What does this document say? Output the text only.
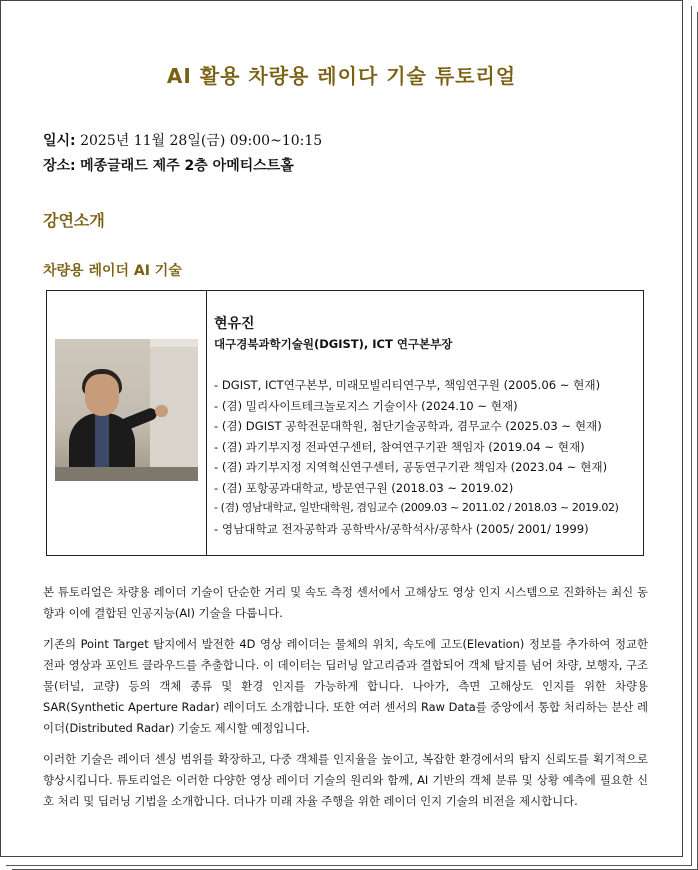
AI 활용 차량용 레이다 기술 튜토리얼
일시: 2025년 11월 28일(금) 09:00~10:15
장소: 메종글래드 제주 2층 아메티스트홀
강연소개
차량용 레이더 AI 기술
현유진
대구경북과학기술원(DGIST), ICT 연구본부장
- DGIST, ICT연구본부, 미래모빌리티연구부, 책임연구원 (2005.06 ~ 현재)
- (겸) 밀리사이트테크놀로지스 기술이사 (2024.10 ~ 현재)
- (겸) DGIST 공학전문대학원, 첨단기술공학과, 겸무교수 (2025.03 ~ 현재)
- (겸) 과기부지정 전파연구센터, 참여연구기관 책임자 (2019.04 ~ 현재)
- (겸) 과기부지정 지역혁신연구센터, 공동연구기관 책임자 (2023.04 ~ 현재)
- (겸) 포항공과대학교, 방문연구원 (2018.03 ~ 2019.02)
- (겸) 영남대학교, 일반대학원, 겸임교수 (2009.03 ~ 2011.02 / 2018.03 ~ 2019.02)
- 영남대학교 전자공학과 공학박사/공학석사/공학사 (2005/ 2001/ 1999)

본 튜토리얼은 차량용 레이더 기술이 단순한 거리 및 속도 측정 센서에서 고해상도 영상 인지 시스템으로 진화하는 최신 동향과 이에 결합된 인공지능(AI) 기술을 다룹니다.

기존의 Point Target 탐지에서 발전한 4D 영상 레이더는 물체의 위치, 속도에 고도(Elevation) 정보를 추가하여 정교한 전파 영상과 포인트 클라우드를 추출합니다. 이 데이터는 딥러닝 알고리즘과 결합되어 객체 탐지를 넘어 차량, 보행자, 구조물(터널, 교량) 등의 객체 종류 및 환경 인지를 가능하게 합니다. 나아가, 측면 고해상도 인지를 위한 차량용 SAR(Synthetic Aperture Radar) 레이더도 소개합니다. 또한 여러 센서의 Raw Data를 중앙에서 통합 처리하는 분산 레이더(Distributed Radar) 기술도 제시할 예정입니다.

이러한 기술은 레이더 센싱 범위를 확장하고, 다중 객체를 인지율을 높이고, 복잡한 환경에서의 탐지 신뢰도를 획기적으로 향상시킵니다. 튜토리얼은 이러한 다양한 영상 레이더 기술의 원리와 함께, AI 기반의 객체 분류 및 상황 예측에 필요한 신호 처리 및 딥러닝 기법을 소개합니다. 더나가 미래 자율 주행을 위한 레이더 인지 기술의 비전을 제시합니다.
